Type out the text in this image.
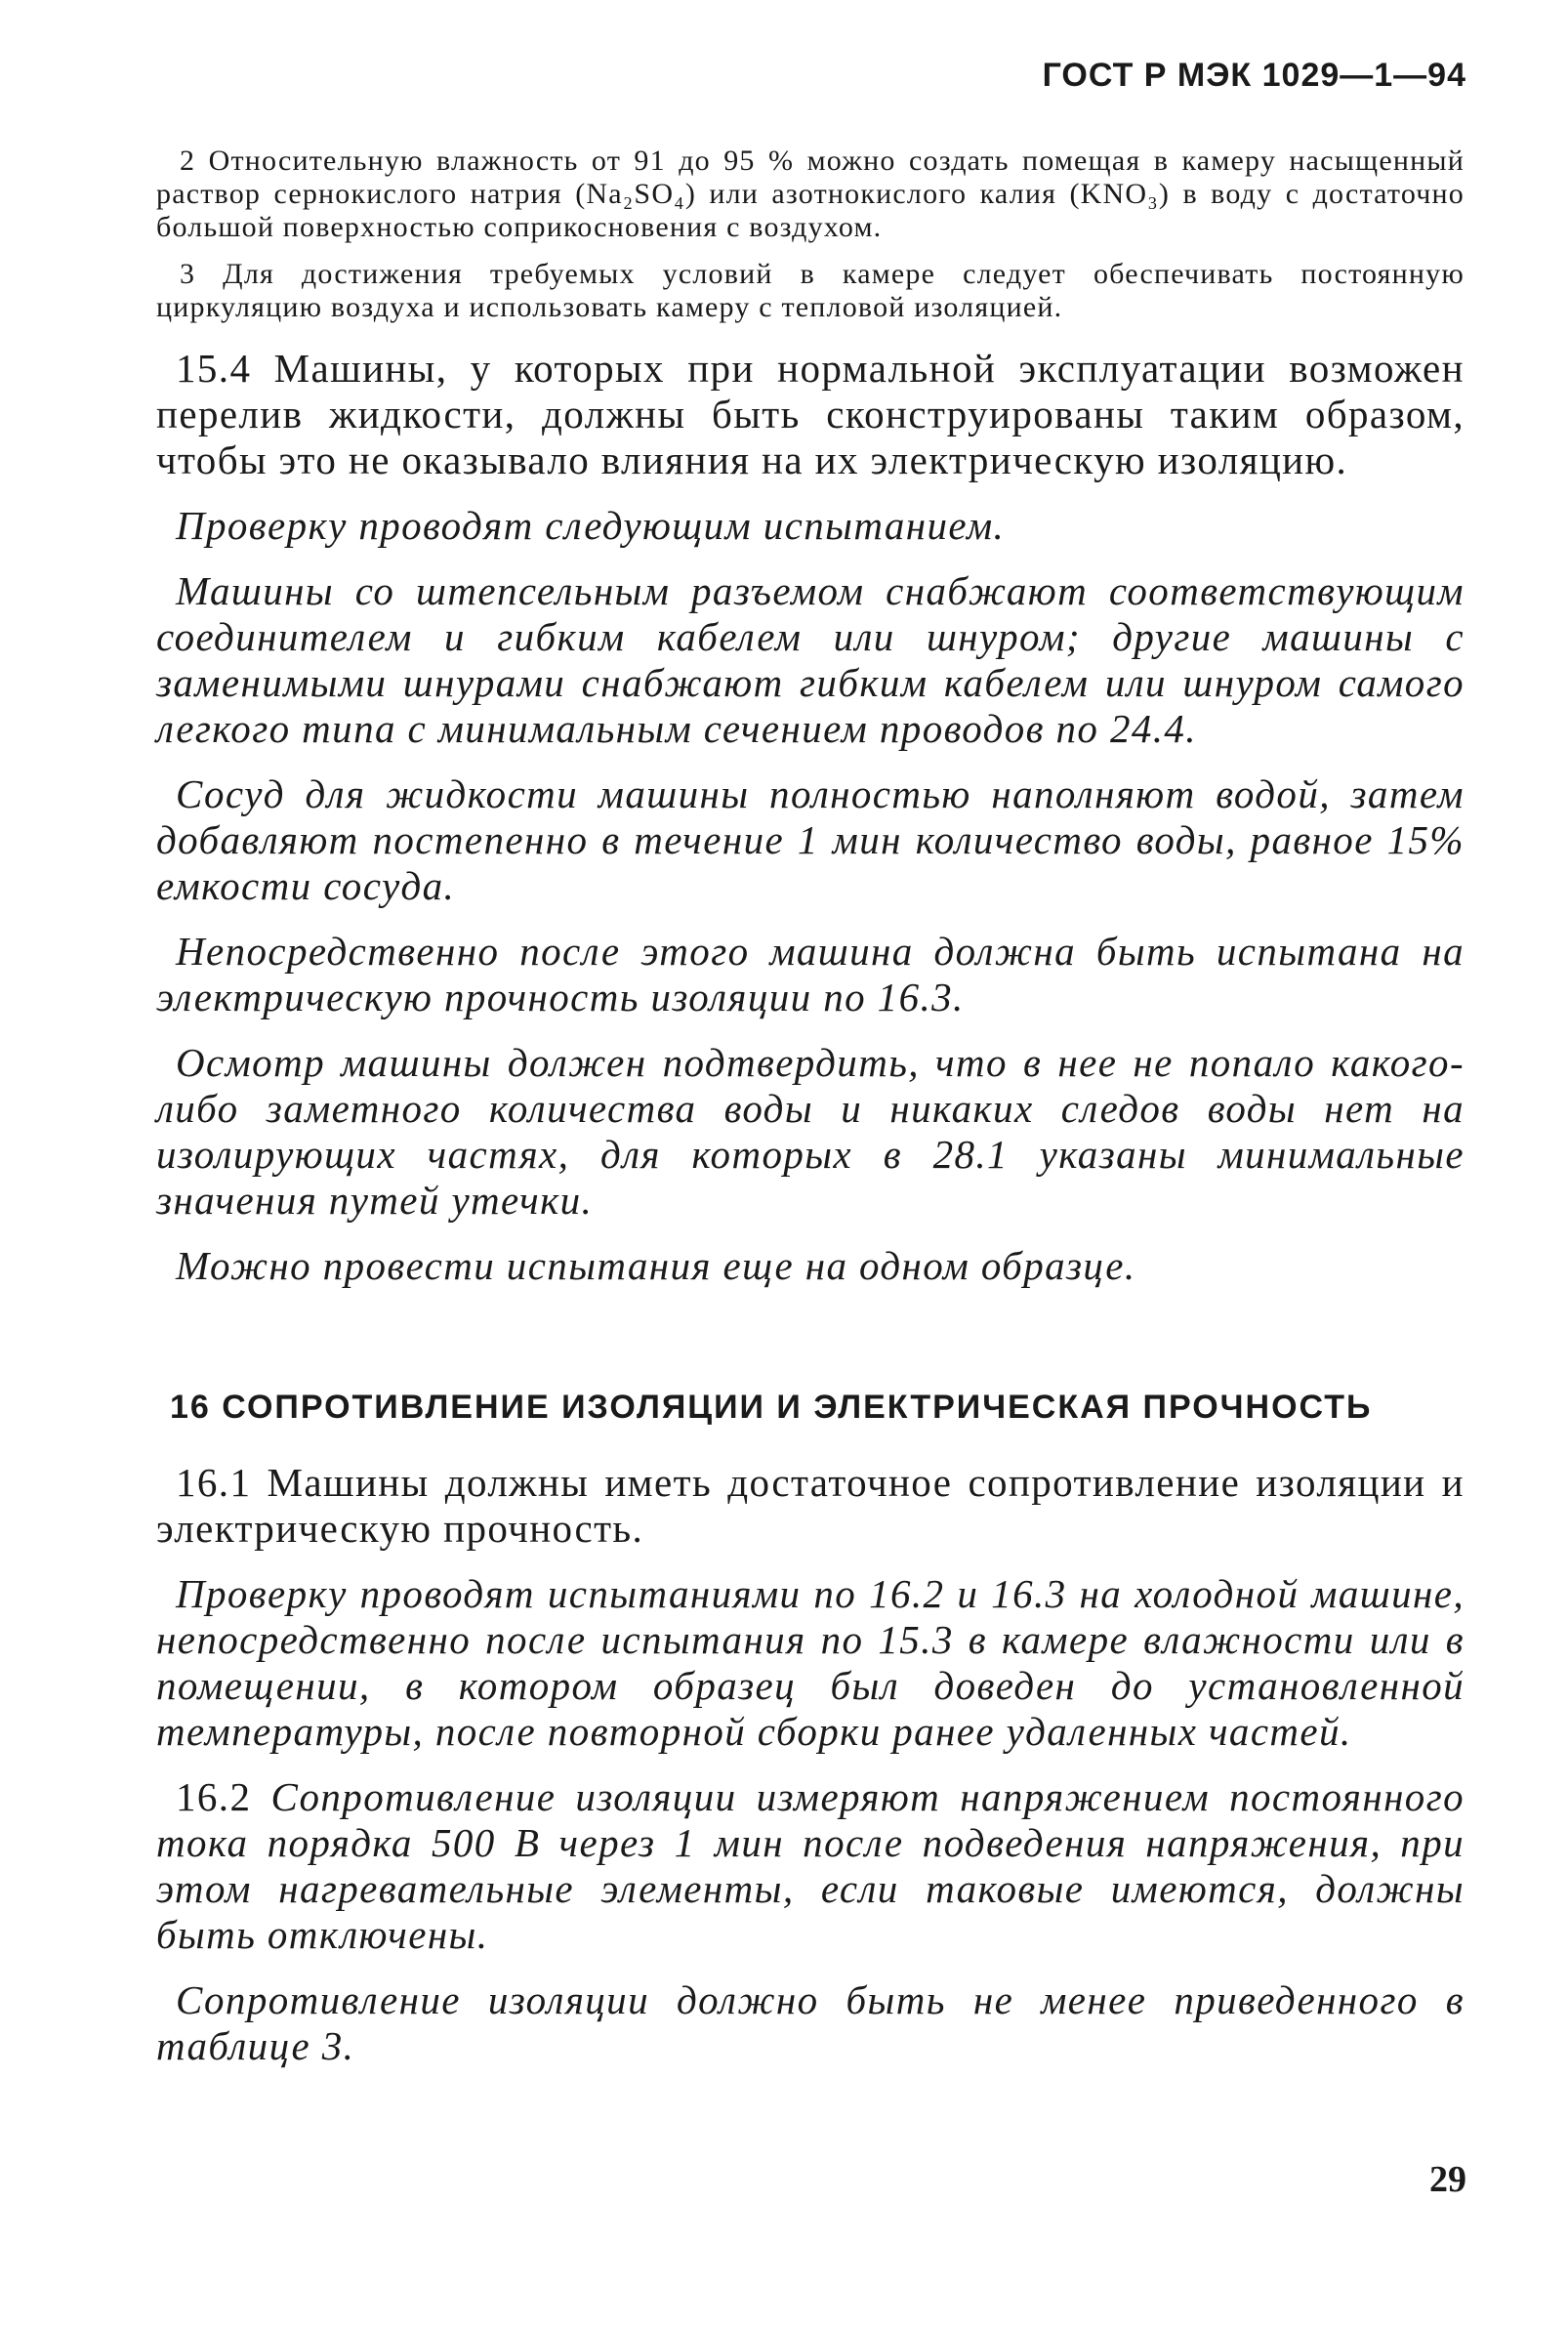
ГОСТ Р МЭК 1029—1—94

2 Относительную влажность от 91 до 95 % можно создать помещая в камеру насыщенный раствор сернокислого натрия (Na₂SO₄) или азотнокислого калия (KNO₃) в воду с достаточно большой поверхностью соприкосновения с воздухом.

3 Для достижения требуемых условий в камере следует обеспечивать постоянную циркуляцию воздуха и использовать камеру с тепловой изоляцией.

15.4 Машины, у которых при нормальной эксплуатации возможен перелив жидкости, должны быть сконструированы таким образом, чтобы это не оказывало влияния на их электрическую изоляцию.

Проверку проводят следующим испытанием.

Машины со штепсельным разъемом снабжают соответствующим соединителем и гибким кабелем или шнуром; другие машины с заменимыми шнурами снабжают гибким кабелем или шнуром самого легкого типа с минимальным сечением проводов по 24.4.

Сосуд для жидкости машины полностью наполняют водой, затем добавляют постепенно в течение 1 мин количество воды, равное 15% емкости сосуда.

Непосредственно после этого машина должна быть испытана на электрическую прочность изоляции по 16.3.

Осмотр машины должен подтвердить, что в нее не попало какого-либо заметного количества воды и никаких следов воды нет на изолирующих частях, для которых в 28.1 указаны минимальные значения путей утечки.

Можно провести испытания еще на одном образце.

16 СОПРОТИВЛЕНИЕ ИЗОЛЯЦИИ И ЭЛЕКТРИЧЕСКАЯ ПРОЧНОСТЬ

16.1 Машины должны иметь достаточное сопротивление изоляции и электрическую прочность.

Проверку проводят испытаниями по 16.2 и 16.3 на холодной машине, непосредственно после испытания по 15.3 в камере влажности или в помещении, в котором образец был доведен до установленной температуры, после повторной сборки ранее удаленных частей.

16.2 Сопротивление изоляции измеряют напряжением постоянного тока порядка 500 В через 1 мин после подведения напряжения, при этом нагревательные элементы, если таковые имеются, должны быть отключены.

Сопротивление изоляции должно быть не менее приведенного в таблице 3.

29
